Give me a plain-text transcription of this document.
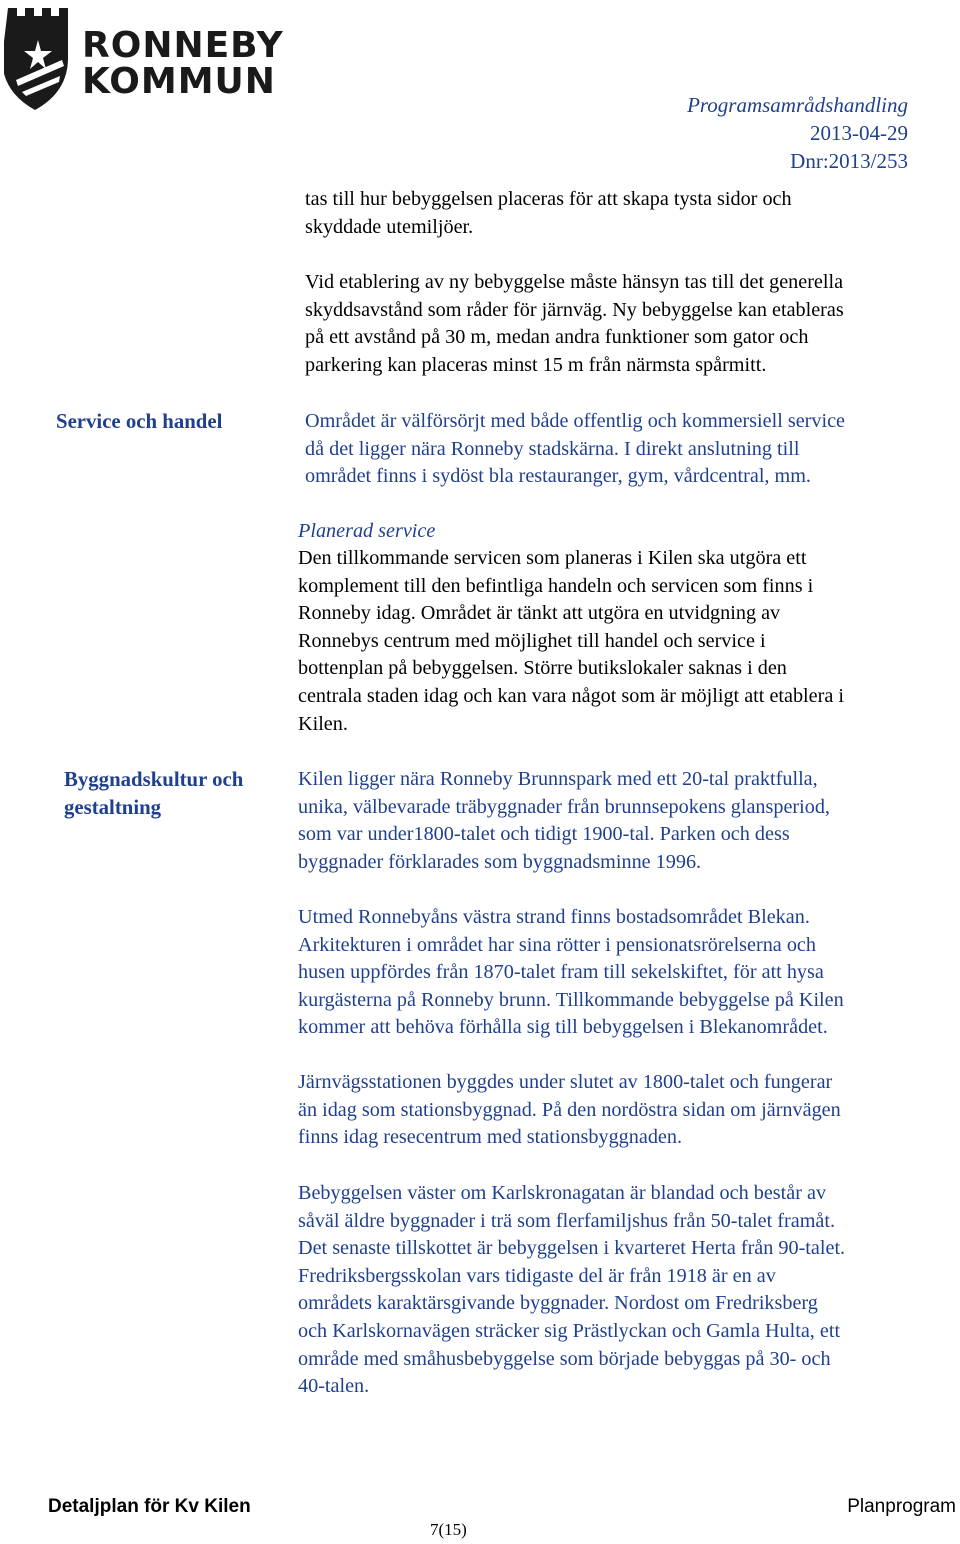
RONNEBY
KOMMUN
Programsamrådshandling
2013-04-29
Dnr:2013/253
tas till hur bebyggelsen placeras för att skapa tysta sidor och
skyddade utemiljöer.
Vid etablering av ny bebyggelse måste hänsyn tas till det generella
skyddsavstånd som råder för järnväg. Ny bebyggelse kan etableras
på ett avstånd på 30 m, medan andra funktioner som gator och
parkering kan placeras minst 15 m från närmsta spårmitt.
Service och handel	Området är välförsörjt med både offentlig och kommersiell service
då det ligger nära Ronneby stadskärna. I direkt anslutning till
området finns i sydöst bla restauranger, gym, vårdcentral, mm.
Planerad service
Den tillkommande servicen som planeras i Kilen ska utgöra ett
komplement till den befintliga handeln och servicen som finns i
Ronneby idag. Området är tänkt att utgöra en utvidgning av
Ronnebys centrum med möjlighet till handel och service i
bottenplan på bebyggelsen. Större butikslokaler saknas i den
centrala staden idag och kan vara något som är möjligt att etablera i
Kilen.
Byggnadskultur och
gestaltning
Kilen ligger nära Ronneby Brunnspark med ett 20-tal praktfulla,
unika, välbevarade träbyggnader från brunnsepokens glansperiod,
som var under1800-talet och tidigt 1900-tal. Parken och dess
byggnader förklarades som byggnadsminne 1996.
Utmed Ronnebyåns västra strand finns bostadsområdet Blekan.
Arkitekturen i området har sina rötter i pensionatsrörelserna och
husen uppfördes från 1870-talet fram till sekelskiftet, för att hysa
kurgästerna på Ronneby brunn. Tillkommande bebyggelse på Kilen
kommer att behöva förhålla sig till bebyggelsen i Blekanområdet.
Järnvägsstationen byggdes under slutet av 1800-talet och fungerar
än idag som stationsbyggnad. På den nordöstra sidan om järnvägen
finns idag resecentrum med stationsbyggnaden.
Bebyggelsen väster om Karlskronagatan är blandad och består av
såväl äldre byggnader i trä som flerfamiljshus från 50-talet framåt.
Det senaste tillskottet är bebyggelsen i kvarteret Herta från 90-talet.
Fredriksbergsskolan vars tidigaste del är från 1918 är en av
områdets karaktärsgivande byggnader. Nordost om Fredriksberg
och Karlskornavägen sträcker sig Prästlyckan och Gamla Hulta, ett
område med småhusbebyggelse som började bebyggas på 30- och
40-talen.
Detaljplan för Kv Kilen	Planprogram
7(15)
